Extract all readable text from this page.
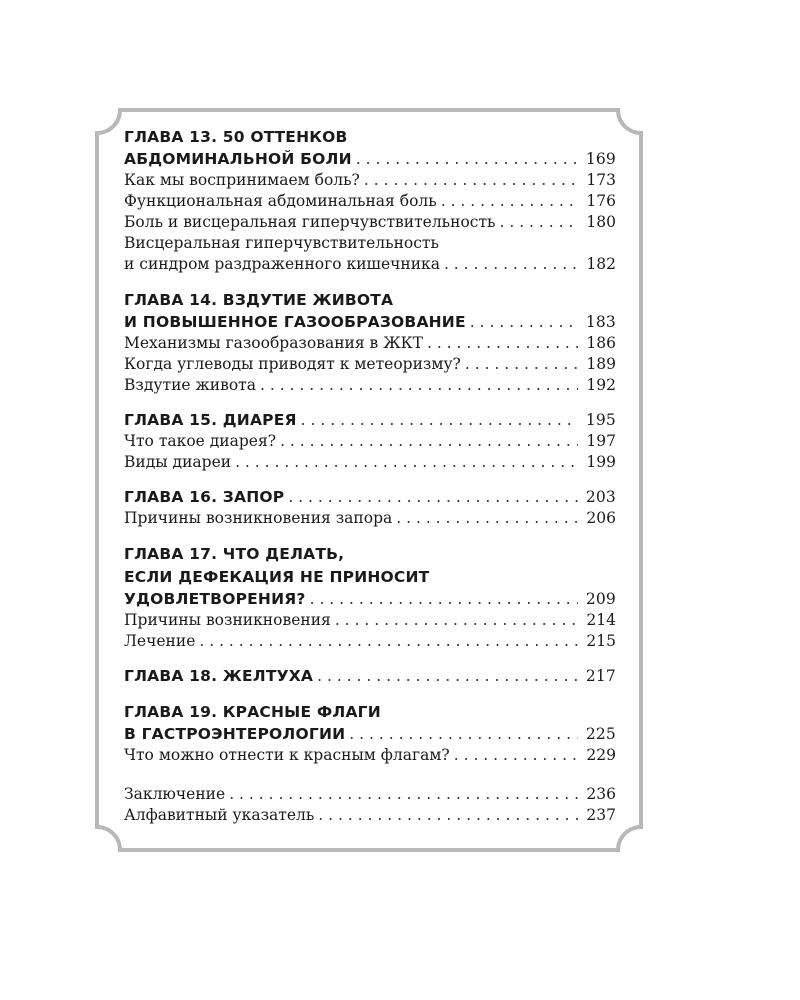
ГЛАВА 13. 50 ОТТЕНКОВ
АБДОМИНАЛЬНОЙ БОЛИ . . .	169
Как мы воспринимаем боль? . . .	173
Функциональная абдоминальная боль . . .	176
Боль и висцеральная гиперчувствительность . . .	180
Висцеральная гиперчувствительность
и синдром раздраженного кишечника . . .	182
ГЛАВА 14. ВЗДУТИЕ ЖИВОТА
И ПОВЫШЕННОЕ ГАЗООБРАЗОВАНИЕ . . .	183
Механизмы газообразования в ЖКТ . . .	186
Когда углеводы приводят к метеоризму? . . .	189
Вздутие живота . . .	192
ГЛАВА 15. ДИАРЕЯ . . .	195
Что такое диарея? . . .	197
Виды диареи . . .	199
ГЛАВА 16. ЗАПОР . . .	203
Причины возникновения запора . . .	206
ГЛАВА 17. ЧТО ДЕЛАТЬ,
ЕСЛИ ДЕФЕКАЦИЯ НЕ ПРИНОСИТ
УДОВЛЕТВОРЕНИЯ? . . .	209
Причины возникновения . . .	214
Лечение . . .	215
ГЛАВА 18. ЖЕЛТУХА . . .	217
ГЛАВА 19. КРАСНЫЕ ФЛАГИ
В ГАСТРОЭНТЕРОЛОГИИ . . .	225
Что можно отнести к красным флагам? . . .	229
Заключение . . .	236
Алфавитный указатель . . .	237
